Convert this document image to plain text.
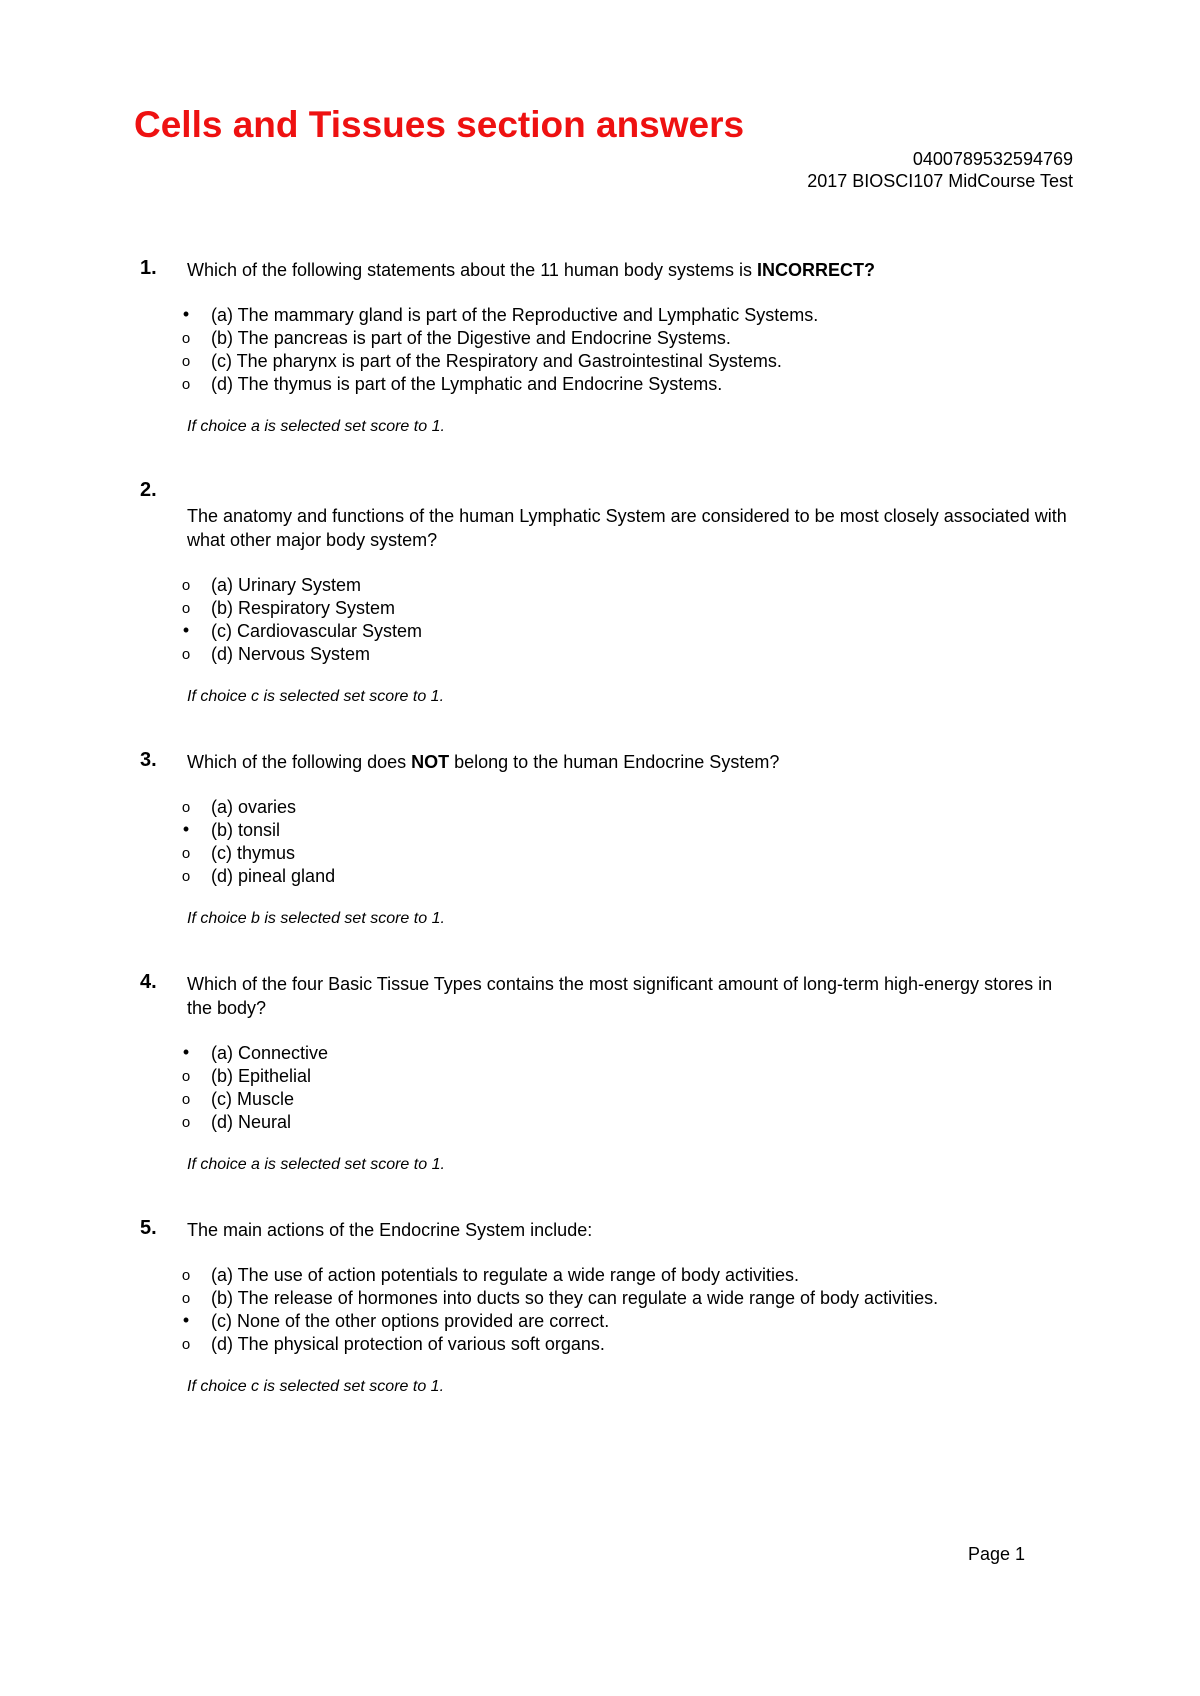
Cells and Tissues section answers
0400789532594769
2017 BIOSCI107 MidCourse Test
1. Which of the following statements about the 11 human body systems is INCORRECT?
• (a) The mammary gland is part of the Reproductive and Lymphatic Systems.
o (b) The pancreas is part of the Digestive and Endocrine Systems.
o (c) The pharynx is part of the Respiratory and Gastrointestinal Systems.
o (d) The thymus is part of the Lymphatic and Endocrine Systems.
If choice a is selected set score to 1.
2.
The anatomy and functions of the human Lymphatic System are considered to be most closely associated with what other major body system?
o (a) Urinary System
o (b) Respiratory System
• (c) Cardiovascular System
o (d) Nervous System
If choice c is selected set score to 1.
3. Which of the following does NOT belong to the human Endocrine System?
o (a) ovaries
• (b) tonsil
o (c) thymus
o (d) pineal gland
If choice b is selected set score to 1.
4. Which of the four Basic Tissue Types contains the most significant amount of long-term high-energy stores in the body?
• (a) Connective
o (b) Epithelial
o (c) Muscle
o (d) Neural
If choice a is selected set score to 1.
5. The main actions of the Endocrine System include:
o (a) The use of action potentials to regulate a wide range of body activities.
o (b) The release of hormones into ducts so they can regulate a wide range of body activities.
• (c) None of the other options provided are correct.
o (d) The physical protection of various soft organs.
If choice c is selected set score to 1.
Page 1
